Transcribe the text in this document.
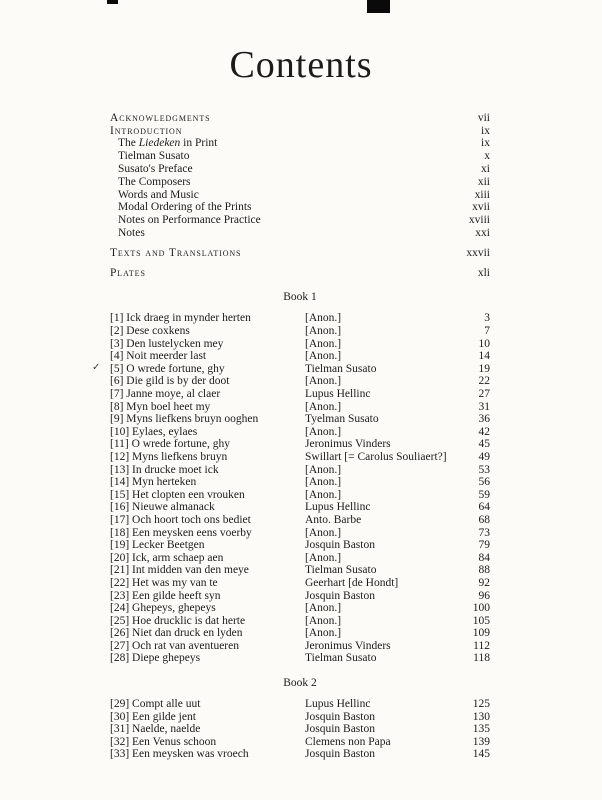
Contents
Acknowledgments	vii
Introduction	ix
The Liedeken in Print	ix
Tielman Susato	x
Susato's Preface	xi
The Composers	xii
Words and Music	xiii
Modal Ordering of the Prints	xvii
Notes on Performance Practice	xviii
Notes	xxi
Texts and Translations	xxvii
Plates	xli
Book 1
[1] Ick draeg in mynder herten	[Anon.]	3
[2] Dese coxkens	[Anon.]	7
[3] Den lustelycken mey	[Anon.]	10
[4] Noit meerder last	[Anon.]	14
✓ [5] O wrede fortune, ghy	Tielman Susato	19
[6] Die gild is by der doot	[Anon.]	22
[7] Janne moye, al claer	Lupus Hellinc	27
[8] Myn boel heet my	[Anon.]	31
[9] Myns liefkens bruyn ooghen	Tyelman Susato	36
[10] Eylaes, eylaes	[Anon.]	42
[11] O wrede fortune, ghy	Jeronimus Vinders	45
[12] Myns liefkens bruyn	Swillart [= Carolus Souliaert?]	49
[13] In drucke moet ick	[Anon.]	53
[14] Myn herteken	[Anon.]	56
[15] Het clopten een vrouken	[Anon.]	59
[16] Nieuwe almanack	Lupus Hellinc	64
[17] Och hoort toch ons bediet	Anto. Barbe	68
[18] Een meysken eens voerby	[Anon.]	73
[19] Lecker Beetgen	Josquin Baston	79
[20] Ick, arm schaep aen	[Anon.]	84
[21] Int midden van den meye	Tielman Susato	88
[22] Het was my van te	Geerhart [de Hondt]	92
[23] Een gilde heeft syn	Josquin Baston	96
[24] Ghepeys, ghepeys	[Anon.]	100
[25] Hoe drucklic is dat herte	[Anon.]	105
[26] Niet dan druck en lyden	[Anon.]	109
[27] Och rat van aventueren	Jeronimus Vinders	112
[28] Diepe ghepeys	Tielman Susato	118
Book 2
[29] Compt alle uut	Lupus Hellinc	125
[30] Een gilde jent	Josquin Baston	130
[31] Naelde, naelde	Josquin Baston	135
[32] Een Venus schoon	Clemens non Papa	139
[33] Een meysken was vroech	Josquin Baston	145
